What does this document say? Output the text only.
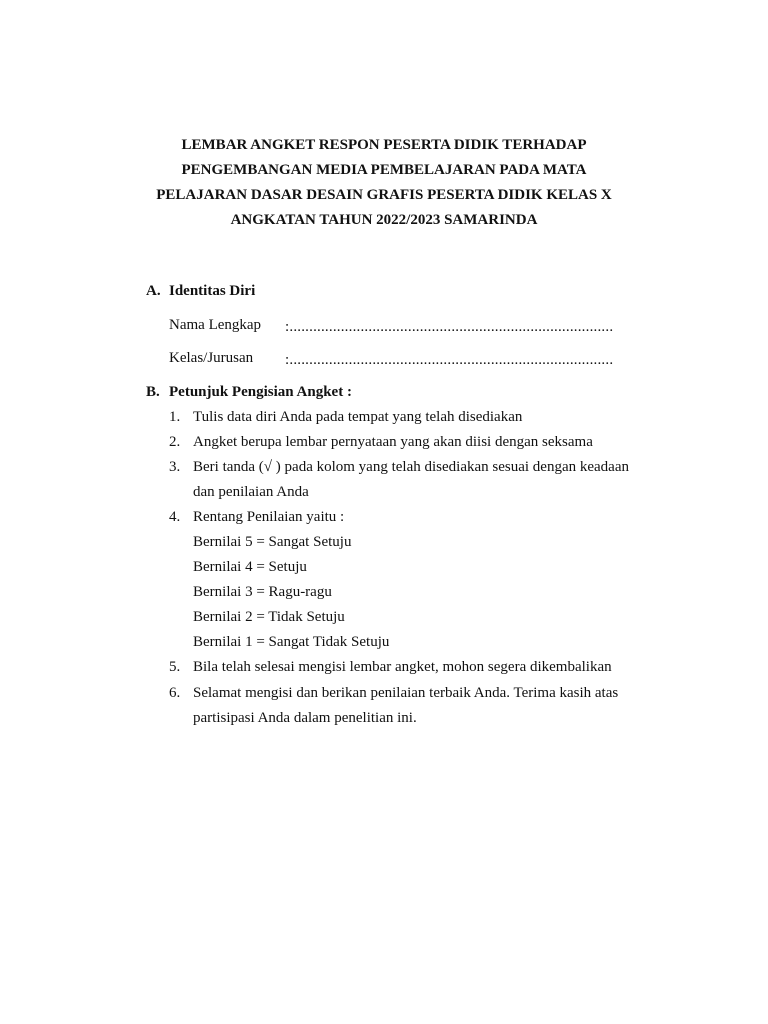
LEMBAR ANGKET RESPON PESERTA DIDIK TERHADAP
PENGEMBANGAN MEDIA PEMBELAJARAN PADA MATA
PELAJARAN DASAR DESAIN GRAFIS PESERTA DIDIK KELAS X
ANGKATAN TAHUN 2022/2023 SAMARINDA
A. Identitas Diri
Nama Lengkap :..................................................................................
Kelas/Jurusan :..................................................................................
B. Petunjuk Pengisian Angket :
1. Tulis data diri Anda pada tempat yang telah disediakan
2. Angket berupa lembar pernyataan yang akan diisi dengan seksama
3. Beri tanda (√ ) pada kolom yang telah disediakan sesuai dengan keadaan
dan penilaian Anda
4. Rentang Penilaian yaitu :
Bernilai 5 = Sangat Setuju
Bernilai 4 = Setuju
Bernilai 3 = Ragu-ragu
Bernilai 2 = Tidak Setuju
Bernilai 1 = Sangat Tidak Setuju
5. Bila telah selesai mengisi lembar angket, mohon segera dikembalikan
6. Selamat mengisi dan berikan penilaian terbaik Anda. Terima kasih atas
partisipasi Anda dalam penelitian ini.
